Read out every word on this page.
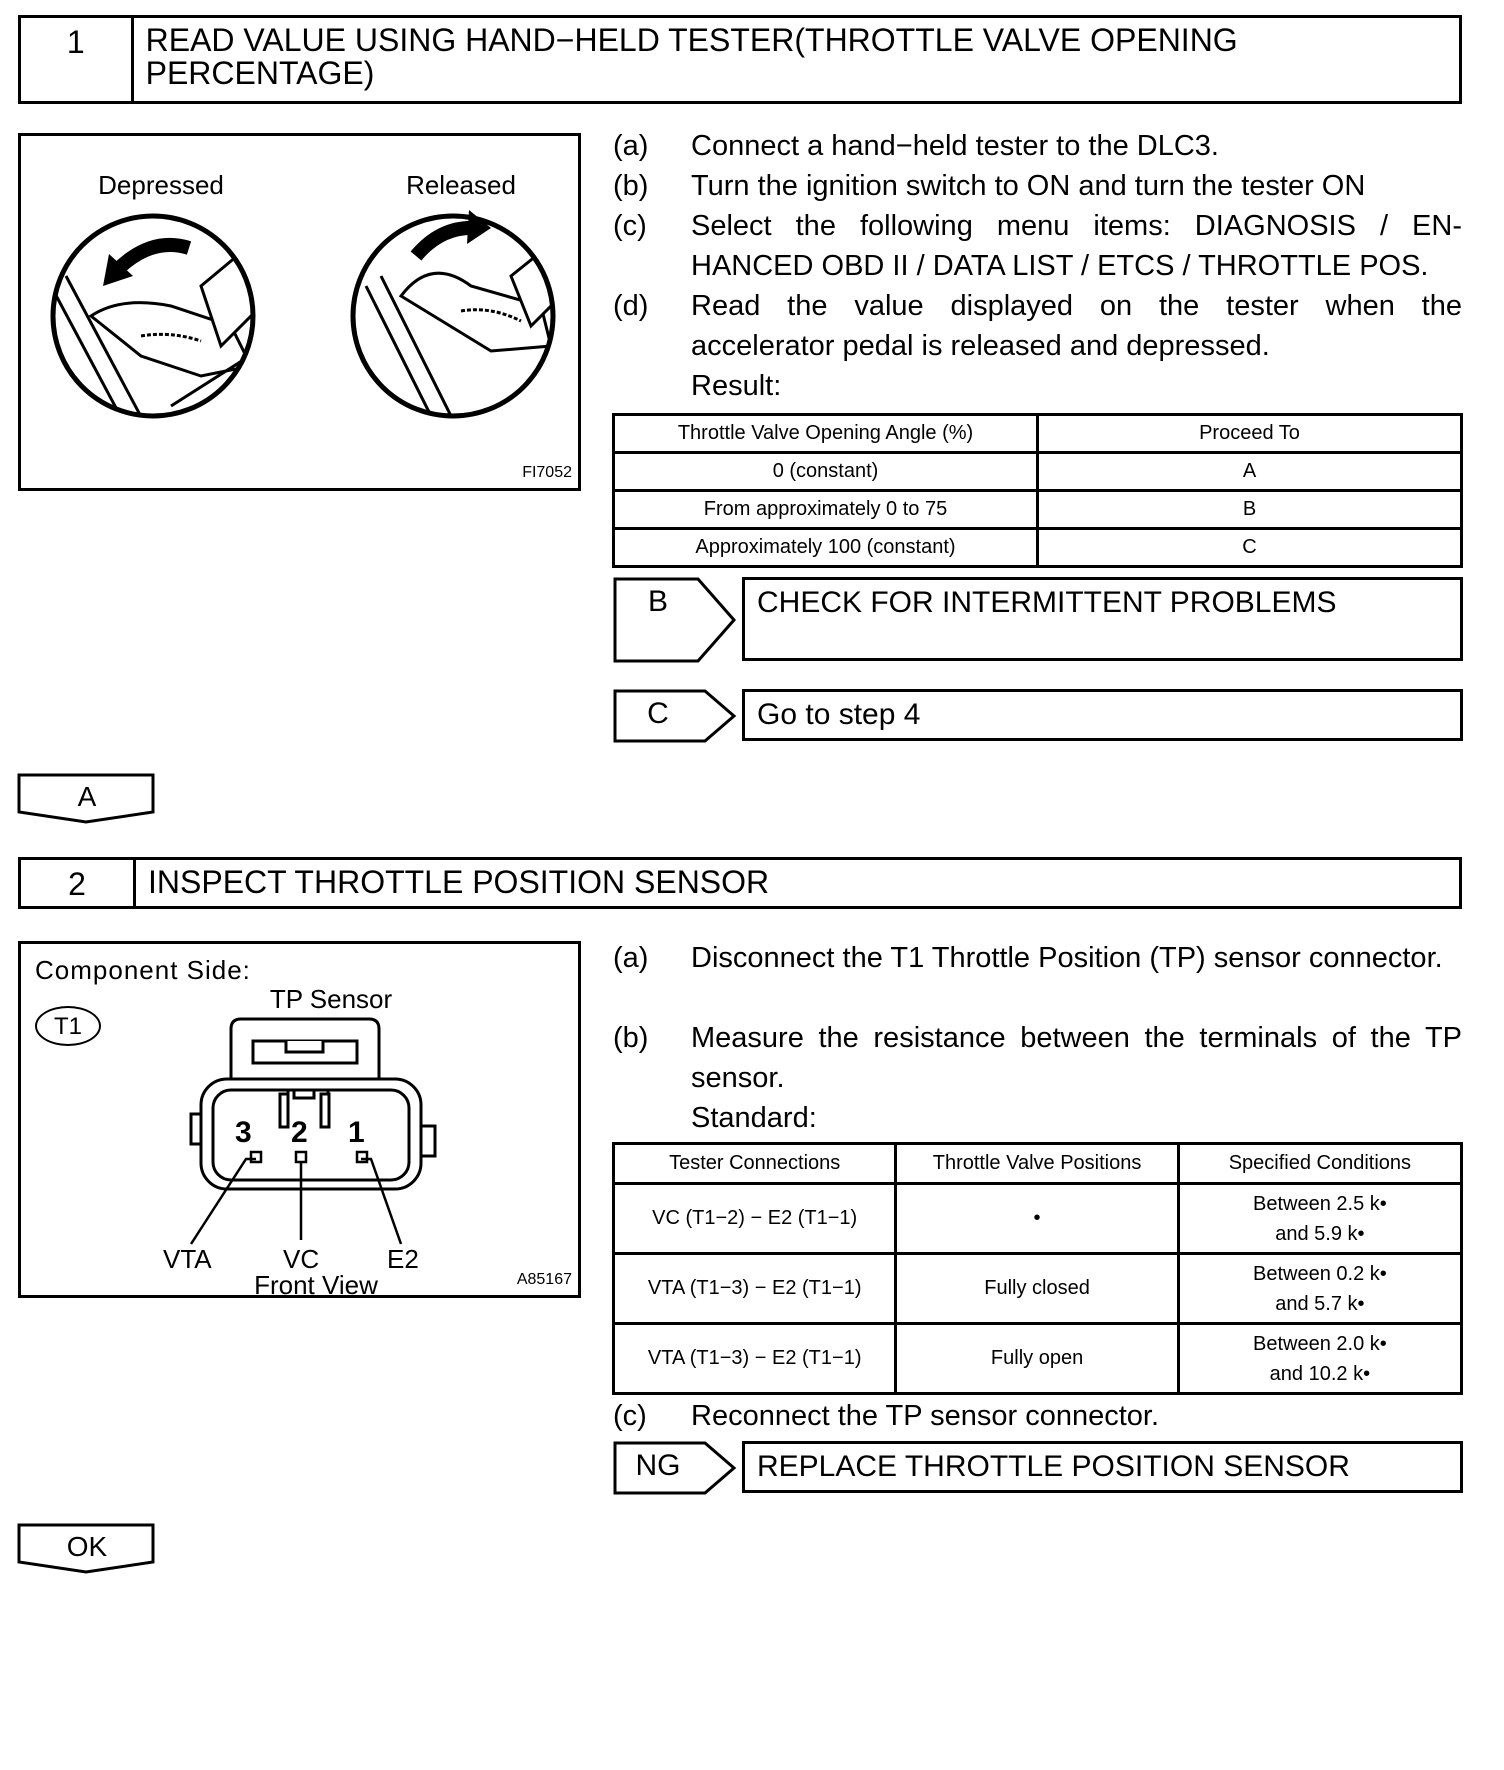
1	READ VALUE USING HAND−HELD TESTER(THROTTLE VALVE OPENING PERCENTAGE)
Depressed	Released
FI7052
(a) Connect a hand−held tester to the DLC3.
(b) Turn the ignition switch to ON and turn the tester ON
(c) Select the following menu items: DIAGNOSIS / EN-HANCED OBD II / DATA LIST / ETCS / THROTTLE POS.
(d) Read the value displayed on the tester when the accelerator pedal is released and depressed.
Result:
Throttle Valve Opening Angle (%)	Proceed To
0 (constant)	A
From approximately 0 to 75	B
Approximately 100 (constant)	C
B	CHECK FOR INTERMITTENT PROBLEMS
C	Go to step 4
A
2	INSPECT THROTTLE POSITION SENSOR
Component Side:
TP Sensor
T1
3 2 1
VTA	VC	E2
Front View	A85167
(a) Disconnect the T1 Throttle Position (TP) sensor connector.
(b) Measure the resistance between the terminals of the TP sensor.
Standard:
Tester Connections	Throttle Valve Positions	Specified Conditions
VC (T1−2) − E2 (T1−1)	•	Between 2.5 k•
and 5.9 k•

VTA (T1−3) − E2 (T1−1)	Fully closed	Between 0.2 k•
and 5.7 k•

VTA (T1−3) − E2 (T1−1)	Fully open	Between 2.0 k•
and 10.2 k•
(c) Reconnect the TP sensor connector.
NG	REPLACE THROTTLE POSITION SENSOR
OK
